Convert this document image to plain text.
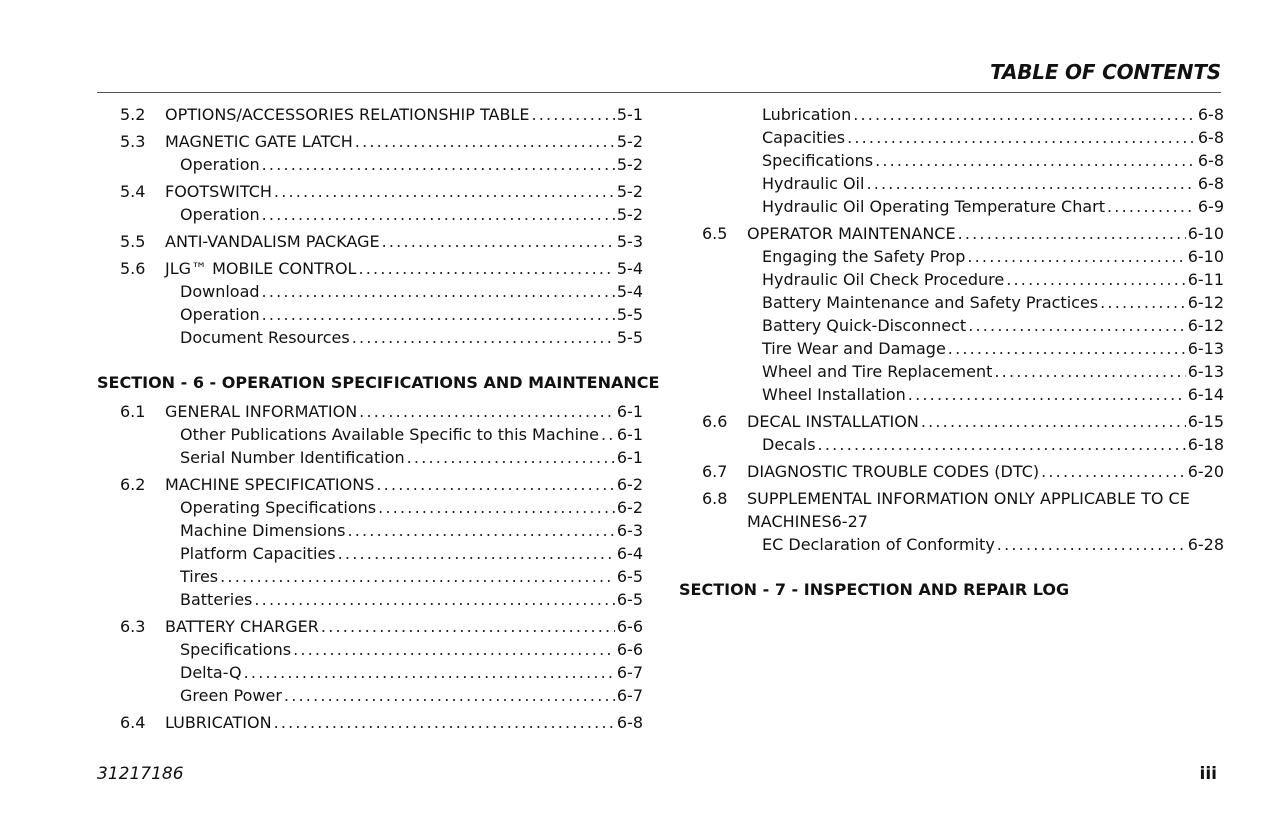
TABLE OF CONTENTS
5.2 OPTIONS/ACCESSORIES RELATIONSHIP TABLE .....	5-1
5.3 MAGNETIC GATE LATCH .....	5-2
Operation .....	5-2
5.4 FOOTSWITCH .....	5-2
Operation .....	5-2
5.5 ANTI-VANDALISM PACKAGE .....	5-3
5.6 JLG™ MOBILE CONTROL .....	5-4
Download .....	5-4
Operation .....	5-5
Document Resources .....	5-5
SECTION - 6 - OPERATION SPECIFICATIONS AND MAINTENANCE
6.1 GENERAL INFORMATION .....	6-1
Other Publications Available Specific to this Machine ..... 6-1
Serial Number Identification .....	6-1
6.2 MACHINE SPECIFICATIONS .....	6-2
Operating Specifications .....	6-2
Machine Dimensions .....	6-3
Platform Capacities .....	6-4
Tires .....	6-5
Batteries .....	6-5
6.3 BATTERY CHARGER .....	6-6
Specifications .....	6-6
Delta-Q .....	6-7
Green Power .....	6-7
6.4 LUBRICATION .....	6-8
Lubrication .....	6-8
Capacities .....	6-8
Specifications .....	6-8
Hydraulic Oil .....	6-8
Hydraulic Oil Operating Temperature Chart .....	6-9
6.5 OPERATOR MAINTENANCE .....	6-10
Engaging the Safety Prop .....	6-10
Hydraulic Oil Check Procedure .....	6-11
Battery Maintenance and Safety Practices .....	6-12
Battery Quick-Disconnect .....	6-12
Tire Wear and Damage .....	6-13
Wheel and Tire Replacement .....	6-13
Wheel Installation .....	6-14
6.6 DECAL INSTALLATION .....	6-15
Decals .....	6-18
6.7 DIAGNOSTIC TROUBLE CODES (DTC) .....	6-20
6.8 SUPPLEMENTAL INFORMATION ONLY APPLICABLE TO CE MACHINES6-27
EC Declaration of Conformity .....	6-28
SECTION - 7 - INSPECTION AND REPAIR LOG
31217186	iii
